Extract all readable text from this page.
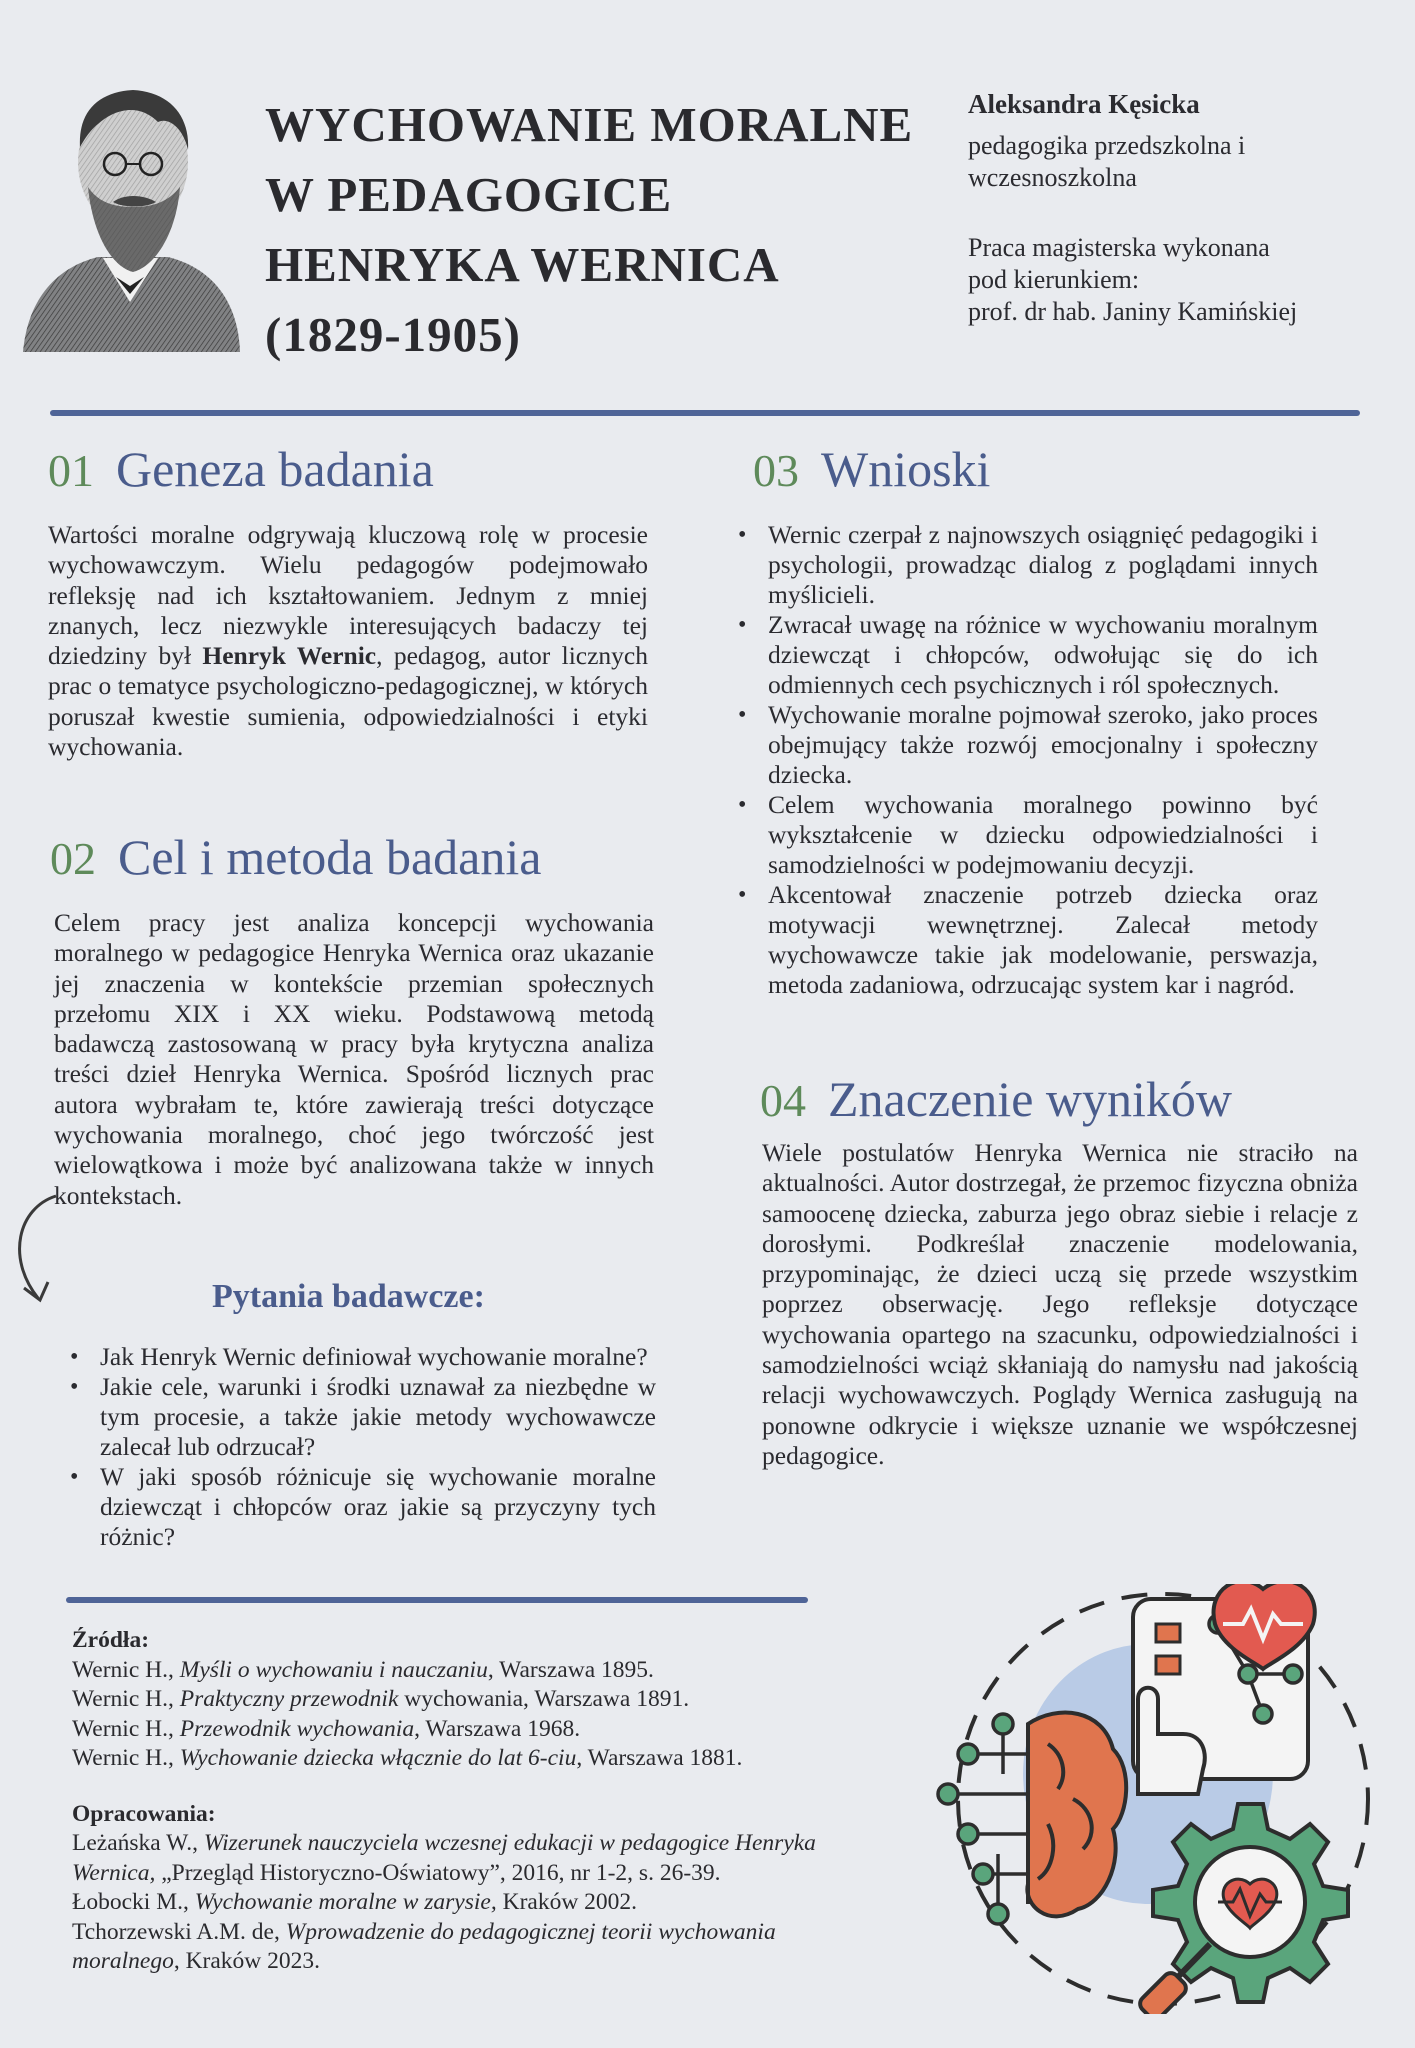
WYCHOWANIE MORALNE
W PEDAGOGICE
HENRYKA WERNICA
(1829-1905)
Aleksandra Kęsicka
pedagogika przedszkolna i
wczesnoszkolna
Praca magisterska wykonana
pod kierunkiem:
prof. dr hab. Janiny Kamińskiej
01 Geneza badania

Wartości moralne odgrywają kluczową rolę w procesie wychowawczym. Wielu pedagogów podejmowało refleksję nad ich kształtowaniem. Jednym z mniej znanych, lecz niezwykle interesujących badaczy tej dziedziny był Henryk Wernic, pedagog, autor licznych prac o tematyce psychologiczno-pedagogicznej, w których poruszał kwestie sumienia, odpowiedzialności i etyki wychowania.

02 Cel i metoda badania

Celem pracy jest analiza koncepcji wychowania moralnego w pedagogice Henryka Wernica oraz ukazanie jej znaczenia w kontekście przemian społecznych przełomu XIX i XX wieku. Podstawową metodą badawczą zastosowaną w pracy była krytyczna analiza treści dzieł Henryka Wernica. Spośród licznych prac autora wybrałam te, które zawierają treści dotyczące wychowania moralnego, choć jego twórczość jest wielowątkowa i może być analizowana także w innych kontekstach.

Pytania badawcze:
• Jak Henryk Wernic definiował wychowanie moralne?
• Jakie cele, warunki i środki uznawał za niezbędne w tym procesie, a także jakie metody wychowawcze zalecał lub odrzucał?
• W jaki sposób różnicuje się wychowanie moralne dziewcząt i chłopców oraz jakie są przyczyny tych różnic?
03 Wnioski
• Wernic czerpał z najnowszych osiągnięć pedagogiki i psychologii, prowadząc dialog z poglądami innych myślicieli.
• Zwracał uwagę na różnice w wychowaniu moralnym dziewcząt i chłopców, odwołując się do ich odmiennych cech psychicznych i ról społecznych.
• Wychowanie moralne pojmował szeroko, jako proces obejmujący także rozwój emocjonalny i społeczny dziecka.
• Celem wychowania moralnego powinno być wykształcenie w dziecku odpowiedzialności i samodzielności w podejmowaniu decyzji.
• Akcentował znaczenie potrzeb dziecka oraz motywacji wewnętrznej. Zalecał metody wychowawcze takie jak modelowanie, perswazja, metoda zadaniowa, odrzucając system kar i nagród.
04 Znaczenie wyników

Wiele postulatów Henryka Wernica nie straciło na aktualności. Autor dostrzegał, że przemoc fizyczna obniża samoocenę dziecka, zaburza jego obraz siebie i relacje z dorosłymi. Podkreślał znaczenie modelowania, przypominając, że dzieci uczą się przede wszystkim poprzez obserwację. Jego refleksje dotyczące wychowania opartego na szacunku, odpowiedzialności i samodzielności wciąż skłaniają do namysłu nad jakością relacji wychowawczych. Poglądy Wernica zasługują na ponowne odkrycie i większe uznanie we współczesnej pedagogice.

Źródła:
Wernic H., Myśli o wychowaniu i nauczaniu, Warszawa 1895.
Wernic H., Praktyczny przewodnik wychowania, Warszawa 1891.
Wernic H., Przewodnik wychowania, Warszawa 1968.
Wernic H., Wychowanie dziecka włącznie do lat 6-ciu, Warszawa 1881.
Opracowania:
Leżańska W., Wizerunek nauczyciela wczesnej edukacji w pedagogice Henryka Wernica, „Przegląd Historyczno-Oświatowy”, 2016, nr 1-2, s. 26-39.
Łobocki M., Wychowanie moralne w zarysie, Kraków 2002.
Tchorzewski A.M. de, Wprowadzenie do pedagogicznej teorii wychowania moralnego, Kraków 2023.
